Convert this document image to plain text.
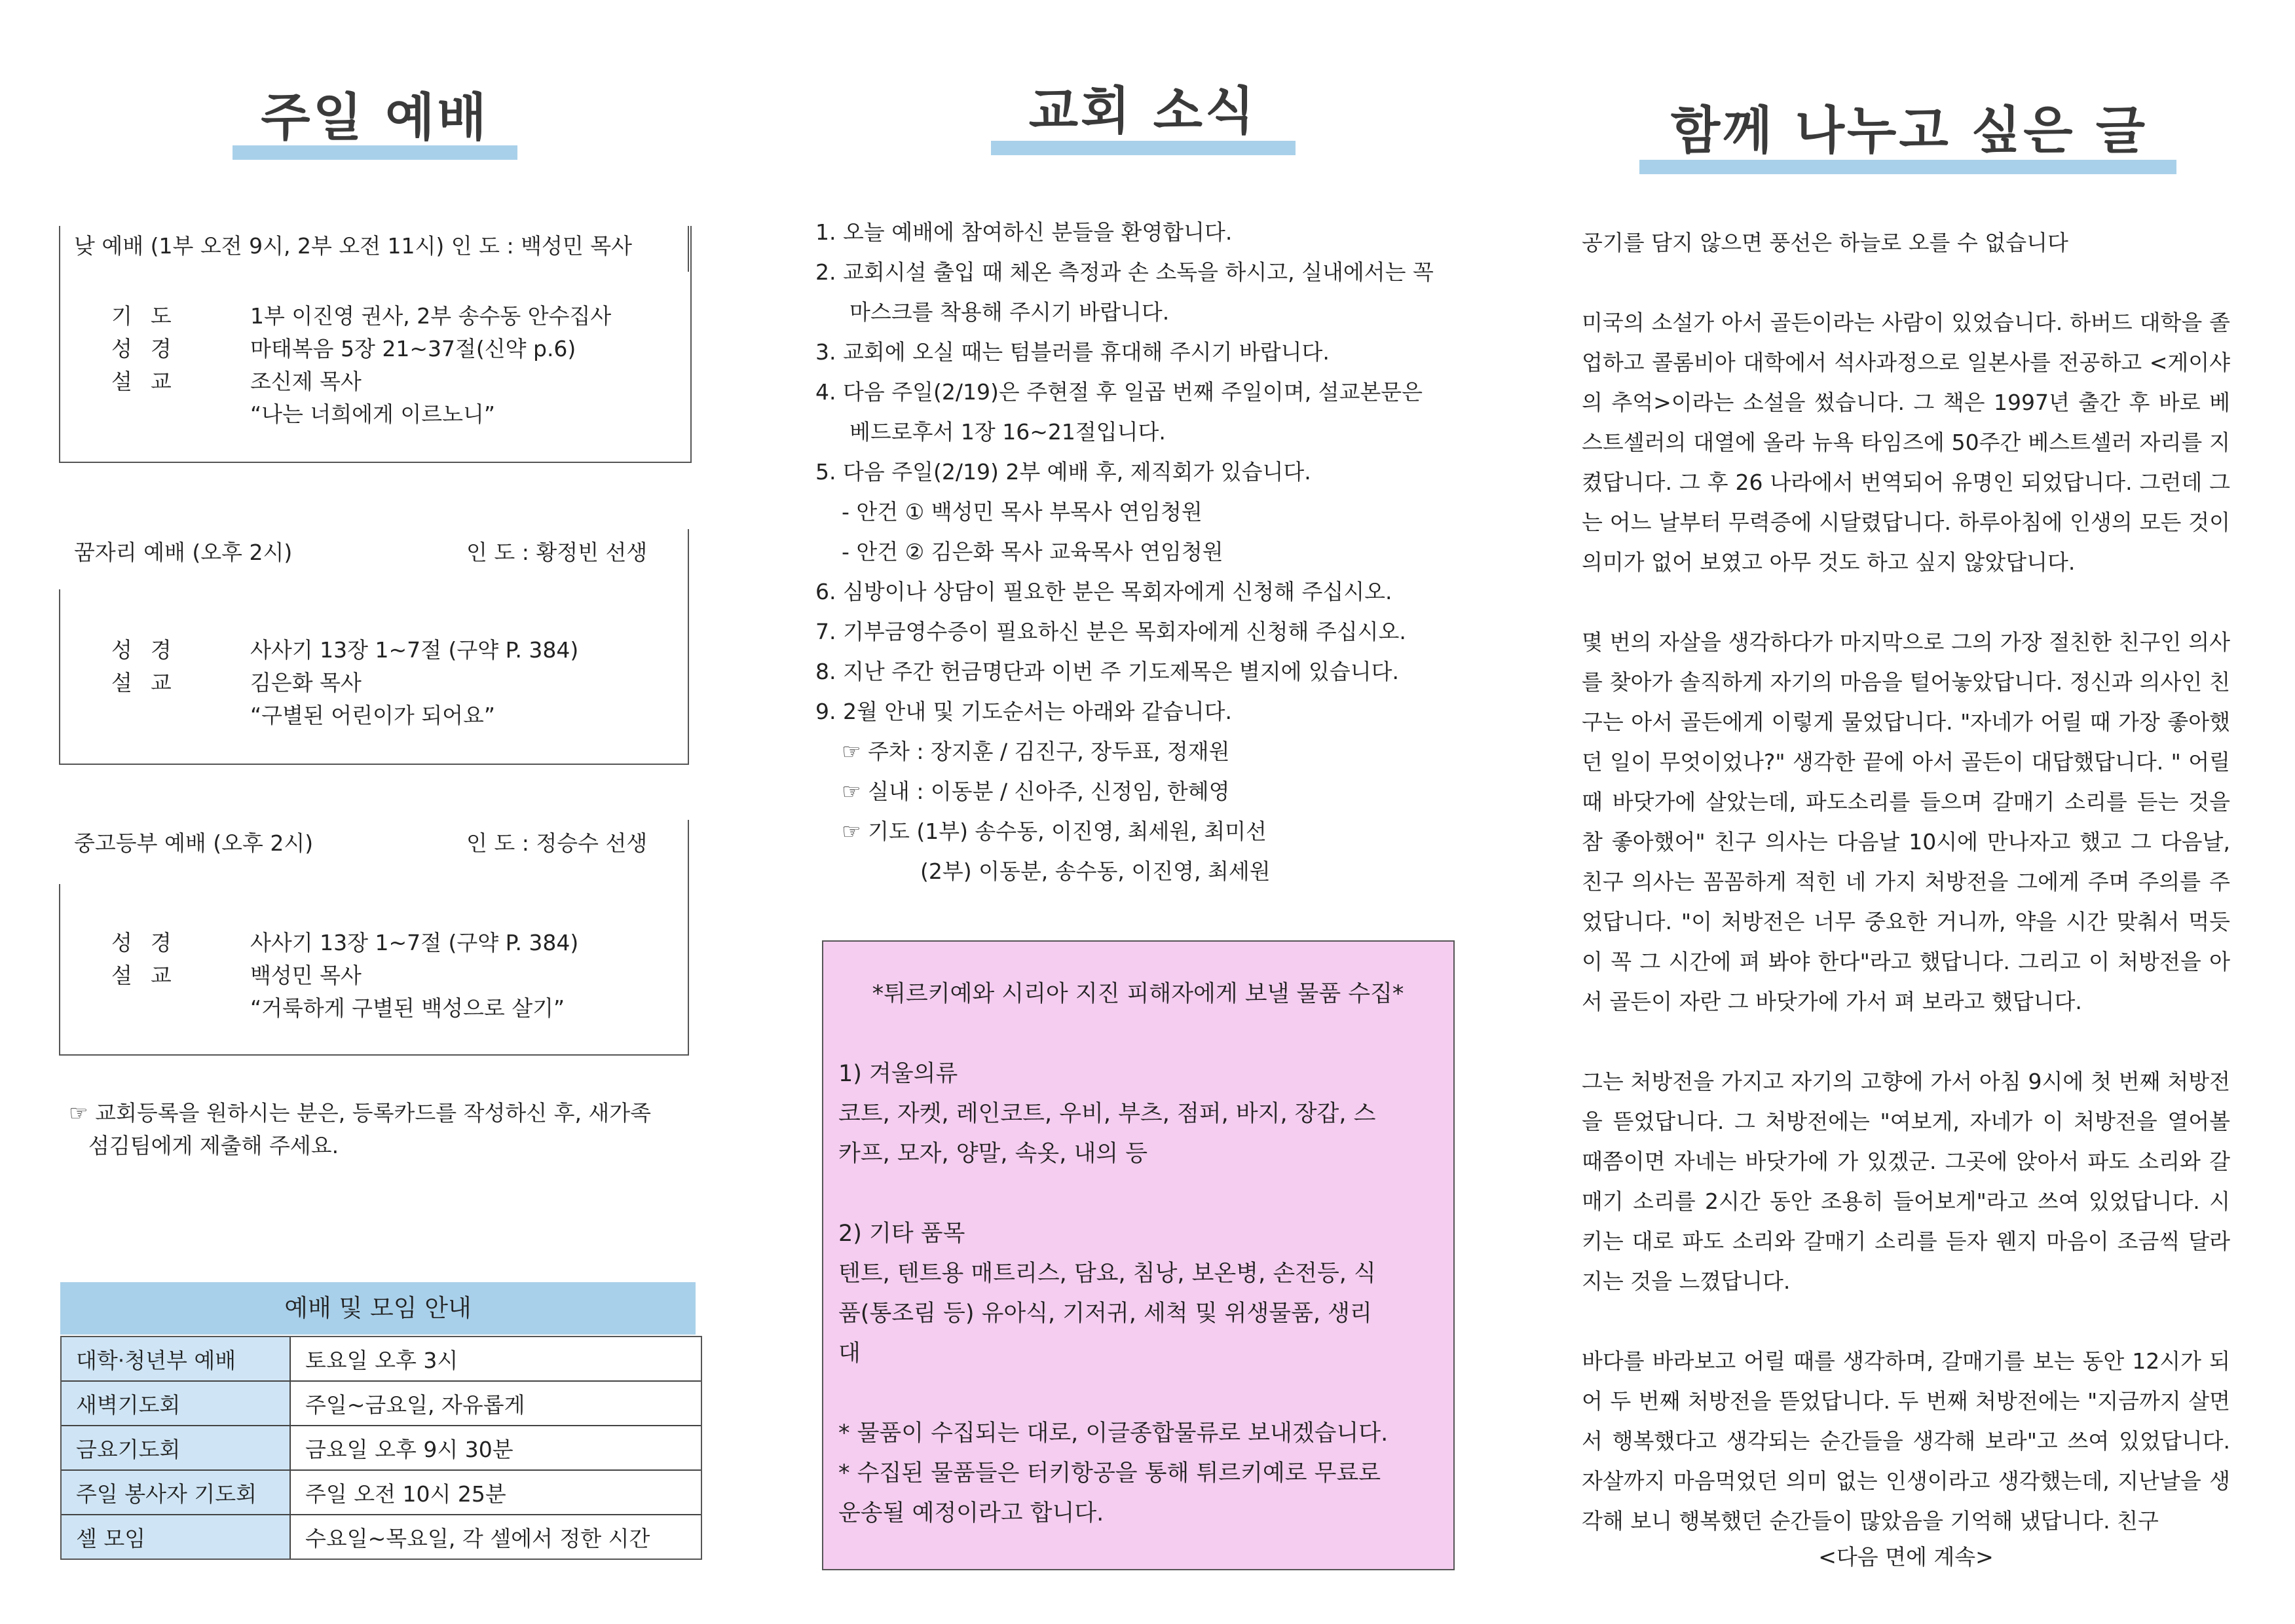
주일 예배
낮 예배 (1부 오전 9시, 2부 오전 11시) 인 도 : 백성민 목사
기도	1부 이진영 권사, 2부 송수동 안수집사
성경	마태복음 5장 21~37절(신약 p.6)
설교	조신제 목사
“나는 너희에게 이르노니”
꿈자리 예배 (오후 2시)	인 도 : 황정빈 선생
성경	사사기 13장 1~7절 (구약 P. 384)
설교	김은화 목사
“구별된 어린이가 되어요”
중고등부 예배 (오후 2시)	인 도 : 정승수 선생
성경	사사기 13장 1~7절 (구약 P. 384)
설교	백성민 목사
“거룩하게 구별된 백성으로 살기”
☞ 교회등록을 원하시는 분은, 등록카드를 작성하신 후, 새가족
섬김팀에게 제출해 주세요.
예배 및 모임 안내
대학·청년부 예배	토요일 오후 3시
새벽기도회	주일~금요일, 자유롭게
금요기도회	금요일 오후 9시 30분
주일 봉사자 기도회	주일 오전 10시 25분
셀 모임	수요일~목요일, 각 셀에서 정한 시간
교회 소식
1. 오늘 예배에 참여하신 분들을 환영합니다.
2. 교회시설 출입 때 체온 측정과 손 소독을 하시고, 실내에서는 꼭
마스크를 착용해 주시기 바랍니다.
3. 교회에 오실 때는 텀블러를 휴대해 주시기 바랍니다.
4. 다음 주일(2/19)은 주현절 후 일곱 번째 주일이며, 설교본문은
베드로후서 1장 16~21절입니다.
5. 다음 주일(2/19) 2부 예배 후, 제직회가 있습니다.
- 안건 ① 백성민 목사 부목사 연임청원
- 안건 ② 김은화 목사 교육목사 연임청원
6. 심방이나 상담이 필요한 분은 목회자에게 신청해 주십시오.
7. 기부금영수증이 필요하신 분은 목회자에게 신청해 주십시오.
8. 지난 주간 헌금명단과 이번 주 기도제목은 별지에 있습니다.
9. 2월 안내 및 기도순서는 아래와 같습니다.
☞ 주차 : 장지훈 / 김진구, 장두표, 정재원
☞ 실내 : 이동분 / 신아주, 신정임, 한혜영
☞ 기도 (1부) 송수동, 이진영, 최세원, 최미선
(2부) 이동분, 송수동, 이진영, 최세원
*튀르키예와 시리아 지진 피해자에게 보낼 물품 수집*
1) 겨울의류
코트, 자켓, 레인코트, 우비, 부츠, 점퍼, 바지, 장갑, 스
카프, 모자, 양말, 속옷, 내의 등
2) 기타 품목
텐트, 텐트용 매트리스, 담요, 침낭, 보온병, 손전등, 식
품(통조림 등) 유아식, 기저귀, 세척 및 위생물품, 생리
대
* 물품이 수집되는 대로, 이글종합물류로 보내겠습니다.
* 수집된 물품들은 터키항공을 통해 튀르키예로 무료로
운송될 예정이라고 합니다.
함께 나누고 싶은 글

공기를 담지 않으면 풍선은 하늘로 오를 수 없습니다

미국의 소설가 아서 골든이라는 사람이 있었습니다. 하버드 대학을 졸업하고 콜롬비아 대학에서 석사과정으로 일본사를 전공하고 <게이샤의 추억>이라는 소설을 썼습니다. 그 책은 1997년 출간 후 바로 베스트셀러의 대열에 올라 뉴욕 타임즈에 50주간 베스트셀러 자리를 지켰답니다. 그 후 26 나라에서 번역되어 유명인 되었답니다. 그런데 그는 어느 날부터 무력증에 시달렸답니다. 하루아침에 인생의 모든 것이 의미가 없어 보였고 아무 것도 하고 싶지 않았답니다.

몇 번의 자살을 생각하다가 마지막으로 그의 가장 절친한 친구인 의사를 찾아가 솔직하게 자기의 마음을 털어놓았답니다. 정신과 의사인 친구는 아서 골든에게 이렇게 물었답니다. "자네가 어릴 때 가장 좋아했던 일이 무엇이었나?" 생각한 끝에 아서 골든이 대답했답니다. " 어릴 때 바닷가에 살았는데, 파도소리를 들으며 갈매기 소리를 듣는 것을 참 좋아했어" 친구 의사는 다음날 10시에 만나자고 했고 그 다음날, 친구 의사는 꼼꼼하게 적힌 네 가지 처방전을 그에게 주며 주의를 주었답니다. "이 처방전은 너무 중요한 거니까, 약을 시간 맞춰서 먹듯이 꼭 그 시간에 펴 봐야 한다"라고 했답니다. 그리고 이 처방전을 아서 골든이 자란 그 바닷가에 가서 펴 보라고 했답니다.

그는 처방전을 가지고 자기의 고향에 가서 아침 9시에 첫 번째 처방전을 뜯었답니다. 그 처방전에는 "여보게, 자네가 이 처방전을 열어볼 때쯤이면 자네는 바닷가에 가 있겠군. 그곳에 앉아서 파도 소리와 갈매기 소리를 2시간 동안 조용히 들어보게"라고 쓰여 있었답니다. 시키는 대로 파도 소리와 갈매기 소리를 듣자 웬지 마음이 조금씩 달라지는 것을 느꼈답니다.

바다를 바라보고 어릴 때를 생각하며, 갈매기를 보는 동안 12시가 되어 두 번째 처방전을 뜯었답니다. 두 번째 처방전에는 "지금까지 살면서 행복했다고 생각되는 순간들을 생각해 보라"고 쓰여 있었답니다. 자살까지 마음먹었던 의미 없는 인생이라고 생각했는데, 지난날을 생각해 보니 행복했던 순간들이 많았음을 기억해 냈답니다. 친구

<다음 면에 계속>
